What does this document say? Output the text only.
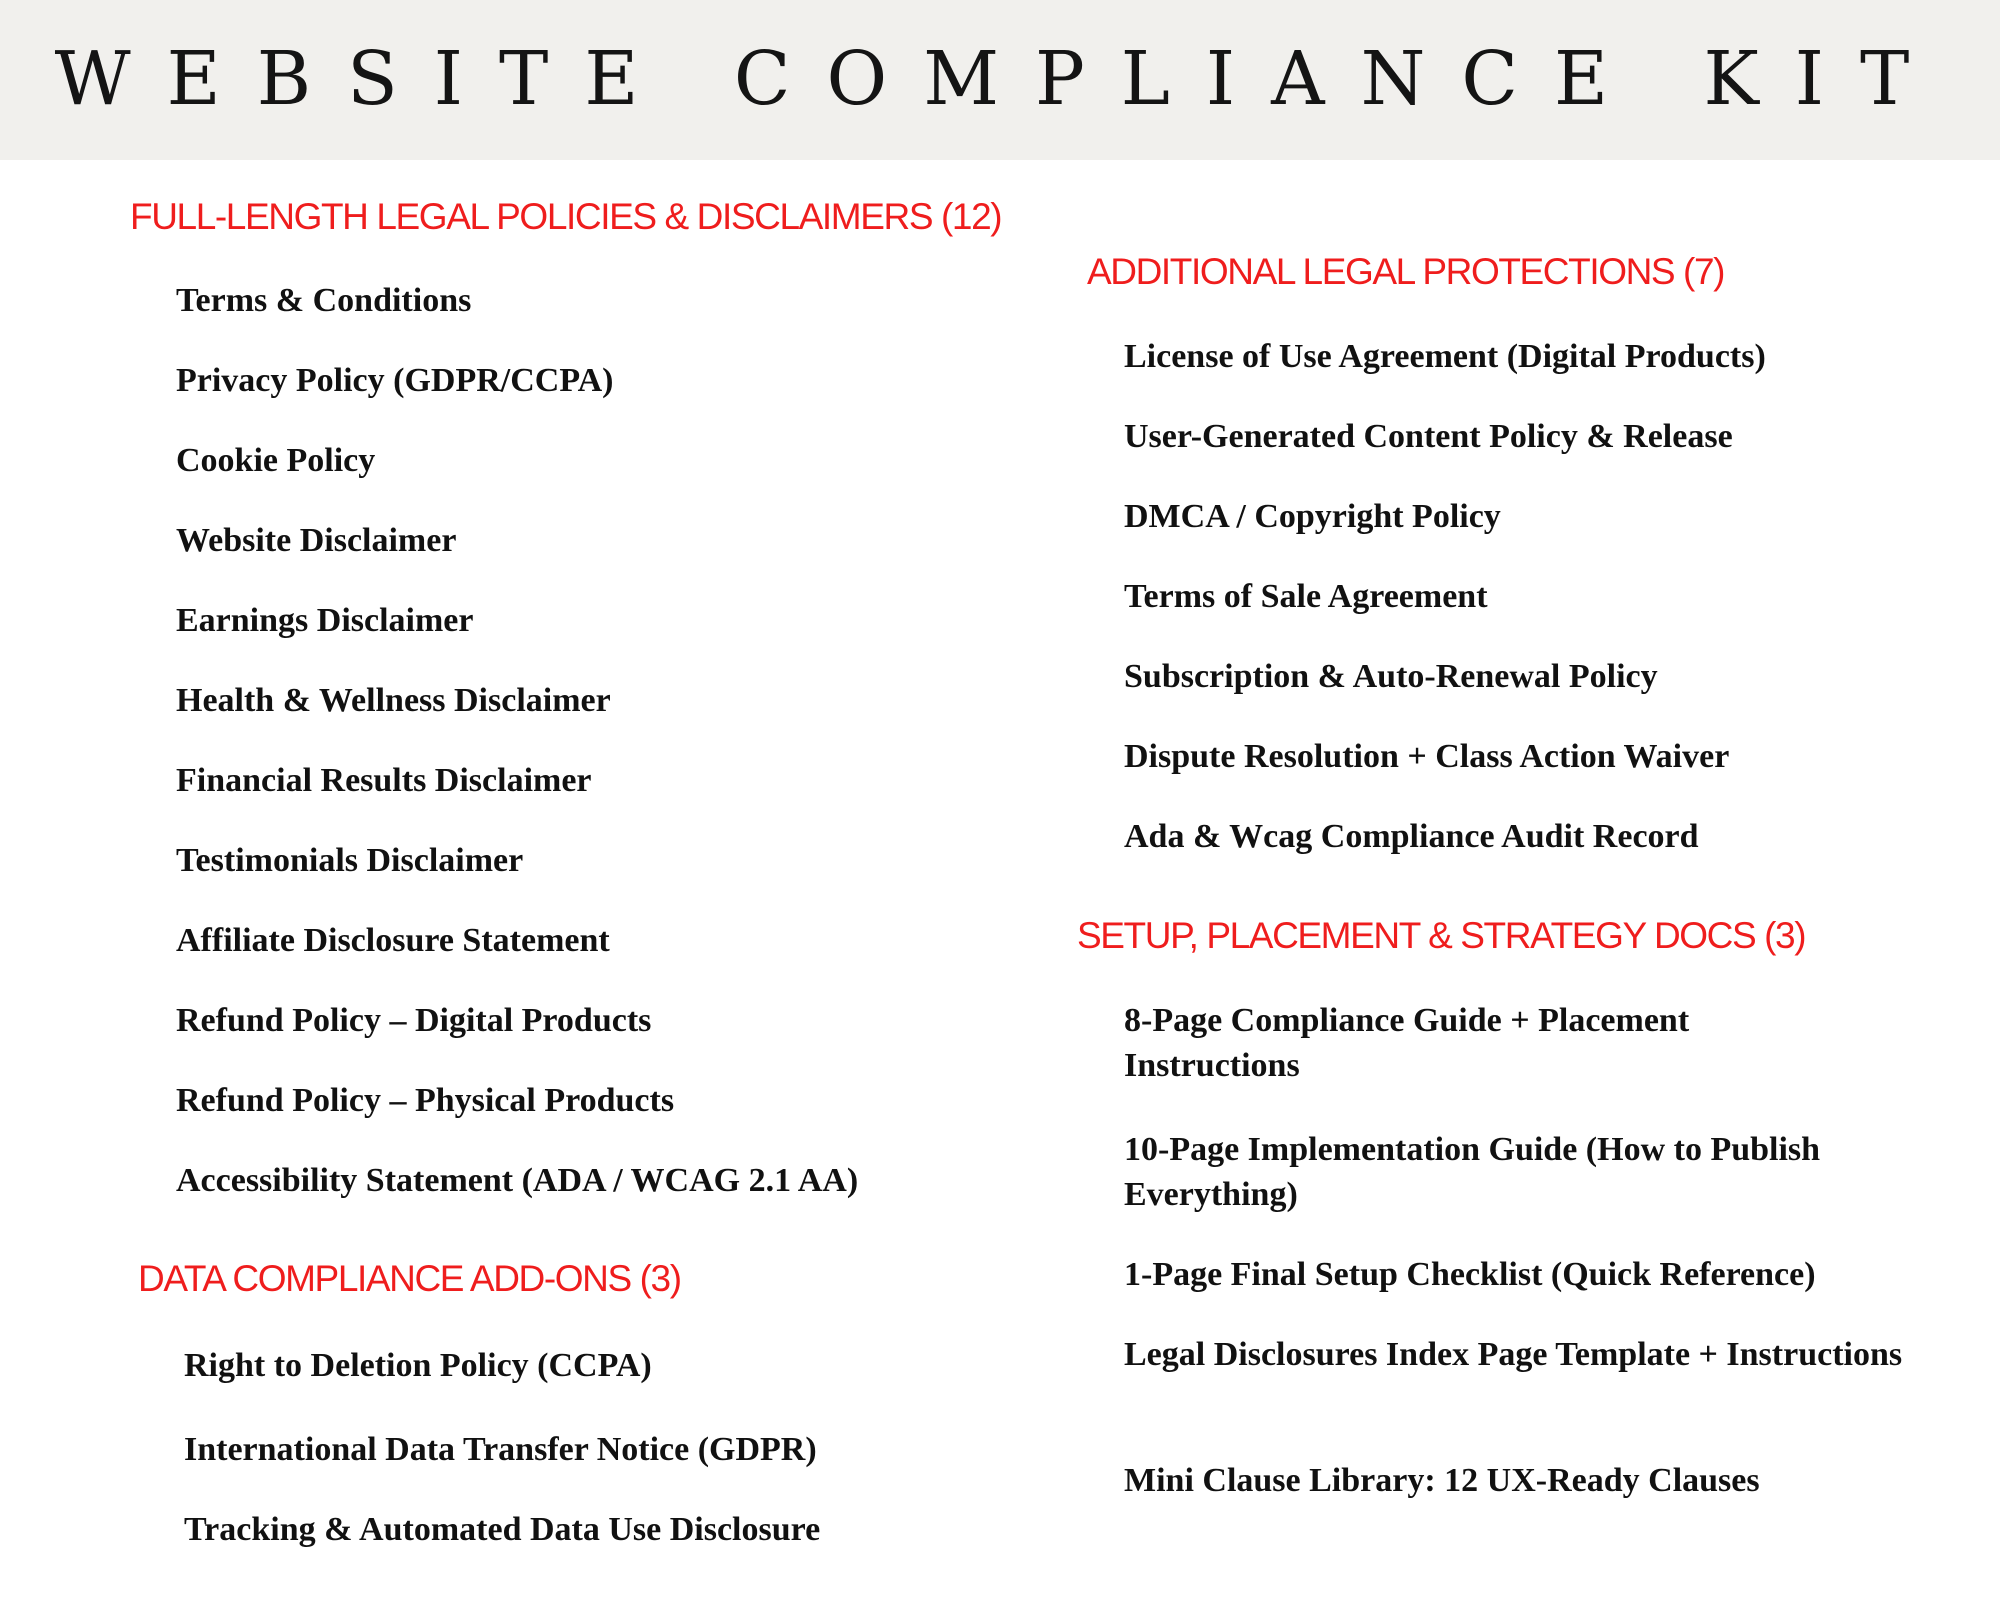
WEBSITE COMPLIANCE KIT
FULL-LENGTH LEGAL POLICIES & DISCLAIMERS (12)
Terms & Conditions
Privacy Policy (GDPR/CCPA)
Cookie Policy
Website Disclaimer
Earnings Disclaimer
Health & Wellness Disclaimer
Financial Results Disclaimer
Testimonials Disclaimer
Affiliate Disclosure Statement
Refund Policy – Digital Products
Refund Policy – Physical Products
Accessibility Statement (ADA / WCAG 2.1 AA)
DATA COMPLIANCE ADD-ONS (3)
Right to Deletion Policy (CCPA)
International Data Transfer Notice (GDPR)
Tracking & Automated Data Use Disclosure
ADDITIONAL LEGAL PROTECTIONS (7)
License of Use Agreement (Digital Products)
User-Generated Content Policy & Release
DMCA / Copyright Policy
Terms of Sale Agreement
Subscription & Auto-Renewal Policy
Dispute Resolution + Class Action Waiver
Ada & Wcag Compliance Audit Record
SETUP, PLACEMENT & STRATEGY DOCS (3)
8-Page Compliance Guide + Placement Instructions
10-Page Implementation Guide (How to Publish Everything)
1-Page Final Setup Checklist (Quick Reference)
Legal Disclosures Index Page Template + Instructions
Mini Clause Library: 12 UX-Ready Clauses
